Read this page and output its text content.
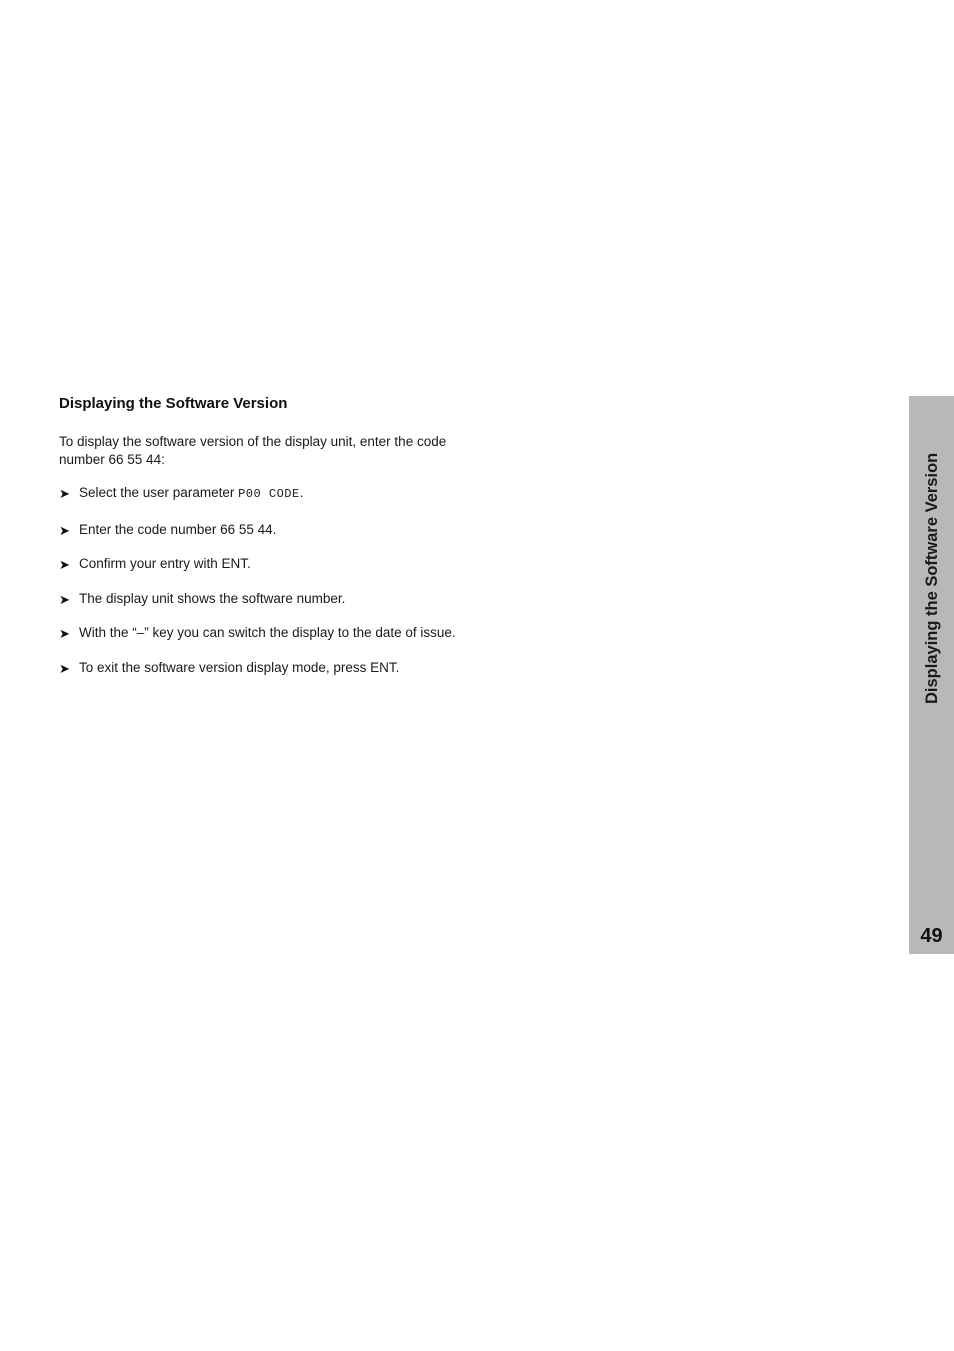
Displaying the Software Version

To display the software version of the display unit, enter the code number 66 55 44:

➤ Select the user parameter P00 CODE.
➤ Enter the code number 66 55 44.
➤ Confirm your entry with ENT.
➤ The display unit shows the software number.
➤ With the “–” key you can switch the display to the date of issue.
➤ To exit the software version display mode, press ENT.	Displaying the Software Version
49
